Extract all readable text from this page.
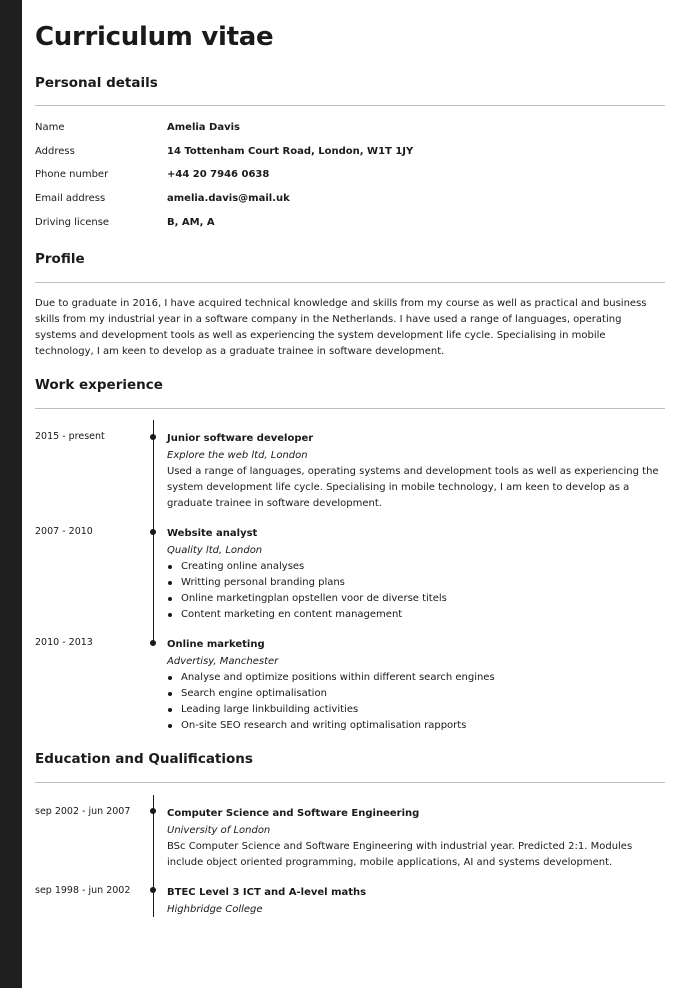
Curriculum vitae
Personal details
Name	Amelia Davis
Address	14 Tottenham Court Road, London, W1T 1JY
Phone number	+44 20 7946 0638
Email address	amelia.davis@mail.uk
Driving license	B, AM, A
Profile

Due to graduate in 2016, I have acquired technical knowledge and skills from my course as well as practical and business skills from my industrial year in a software company in the Netherlands. I have used a range of languages, operating systems and development tools as well as experiencing the system development life cycle. Specialising in mobile technology, I am keen to develop as a graduate trainee in software development.

Work experience
2015 - present	Junior software developer
Explore the web ltd, London

Used a range of languages, operating systems and development tools as well as experiencing the system development life cycle. Specialising in mobile technology, I am keen to develop as a graduate trainee in software development.

2007 - 2010	Website analyst
Quality ltd, London
Creating online analyses
Writting personal branding plans
Online marketingplan opstellen voor de diverse titels
Content marketing en content management
2010 - 2013	Online marketing
Advertisy, Manchester
Analyse and optimize positions within different search engines
Search engine optimalisation
Leading large linkbuilding activities
On-site SEO research and writing optimalisation rapports
Education and Qualifications
sep 2002 - jun 2007	Computer Science and Software Engineering
University of London

BSc Computer Science and Software Engineering with industrial year. Predicted 2:1. Modules include object oriented programming, mobile applications, AI and systems development.

sep 1998 - jun 2002	BTEC Level 3 ICT and A-level maths
Highbridge College
